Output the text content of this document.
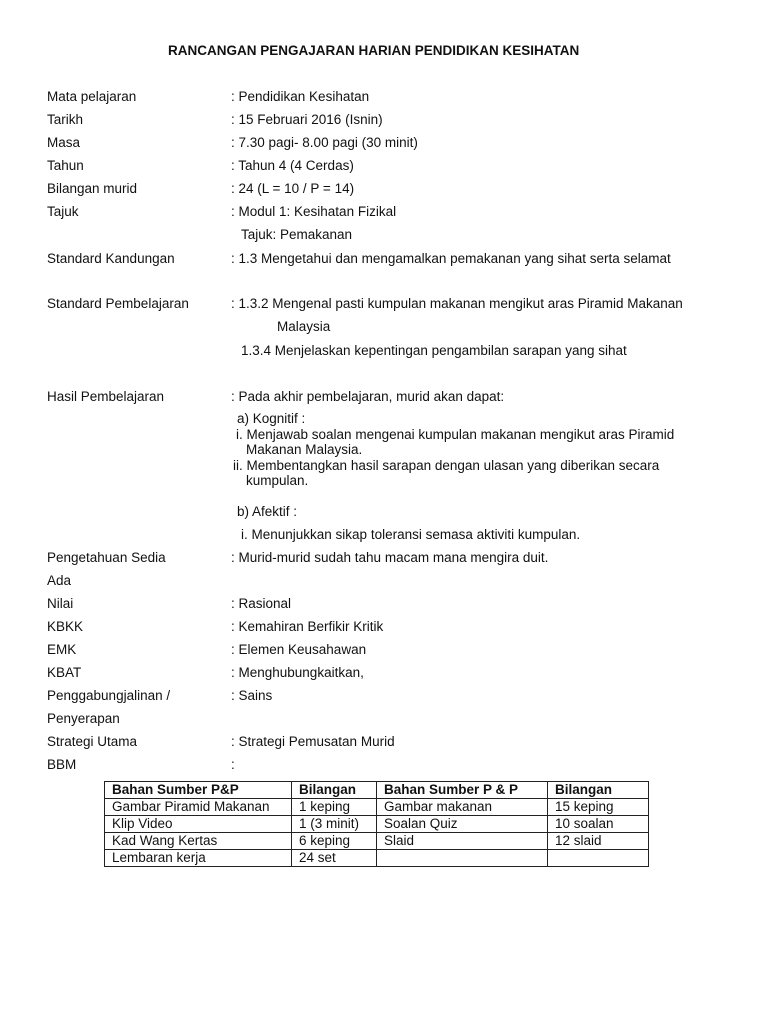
RANCANGAN PENGAJARAN HARIAN PENDIDIKAN KESIHATAN
Mata pelajaran	: Pendidikan Kesihatan
Tarikh	: 15 Februari 2016 (Isnin)
Masa	: 7.30 pagi- 8.00 pagi (30 minit)
Tahun	: Tahun 4 (4 Cerdas)
Bilangan murid	: 24 (L = 10 / P = 14)
Tajuk	: Modul 1: Kesihatan Fizikal
Tajuk: Pemakanan
Standard Kandungan	: 1.3 Mengetahui dan mengamalkan pemakanan yang sihat serta selamat
Standard Pembelajaran	: 1.3.2 Mengenal pasti kumpulan makanan mengikut aras Piramid Makanan
Malaysia
1.3.4 Menjelaskan kepentingan pengambilan sarapan yang sihat
Hasil Pembelajaran	: Pada akhir pembelajaran, murid akan dapat:
a) Kognitif :
i. Menjawab soalan mengenai kumpulan makanan mengikut aras Piramid
Makanan Malaysia.
ii. Membentangkan hasil sarapan dengan ulasan yang diberikan secara
kumpulan.
b) Afektif :
i. Menunjukkan sikap toleransi semasa aktiviti kumpulan.
Pengetahuan Sedia
Ada
: Murid-murid sudah tahu macam mana mengira duit.
Nilai	: Rasional
KBKK	: Kemahiran Berfikir Kritik
EMK	: Elemen Keusahawan
KBAT	: Menghubungkaitkan,
Penggabungjalinan /
Penyerapan
: Sains
Strategi Utama	: Strategi Pemusatan Murid
BBM	:
Bahan Sumber P&P	Bilangan	Bahan Sumber P & P	Bilangan
Gambar Piramid Makanan	1 keping	Gambar makanan	15 keping
Klip Video	1 (3 minit)	Soalan Quiz	10 soalan
Kad Wang Kertas	6 keping	Slaid	12 slaid
Lembaran kerja	24 set		
